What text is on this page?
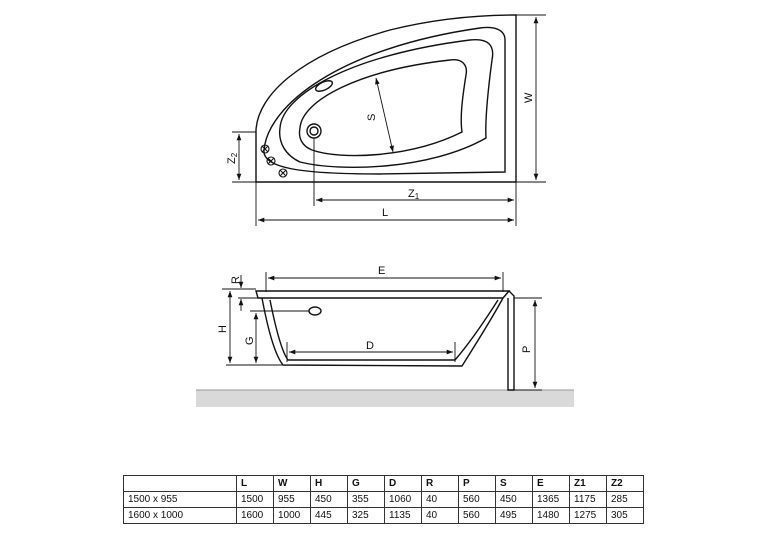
S
W
Z2
Z1
L
R
E
H
G	D	P
	L	W	H	G	D	R	P	S	E	Z1	Z2
1500 x 955	1500	955	450	355	1060	40	560	450	1365	1175	285
1600 x 1000	1600	1000	445	325	1135	40	560	495	1480	1275	305
